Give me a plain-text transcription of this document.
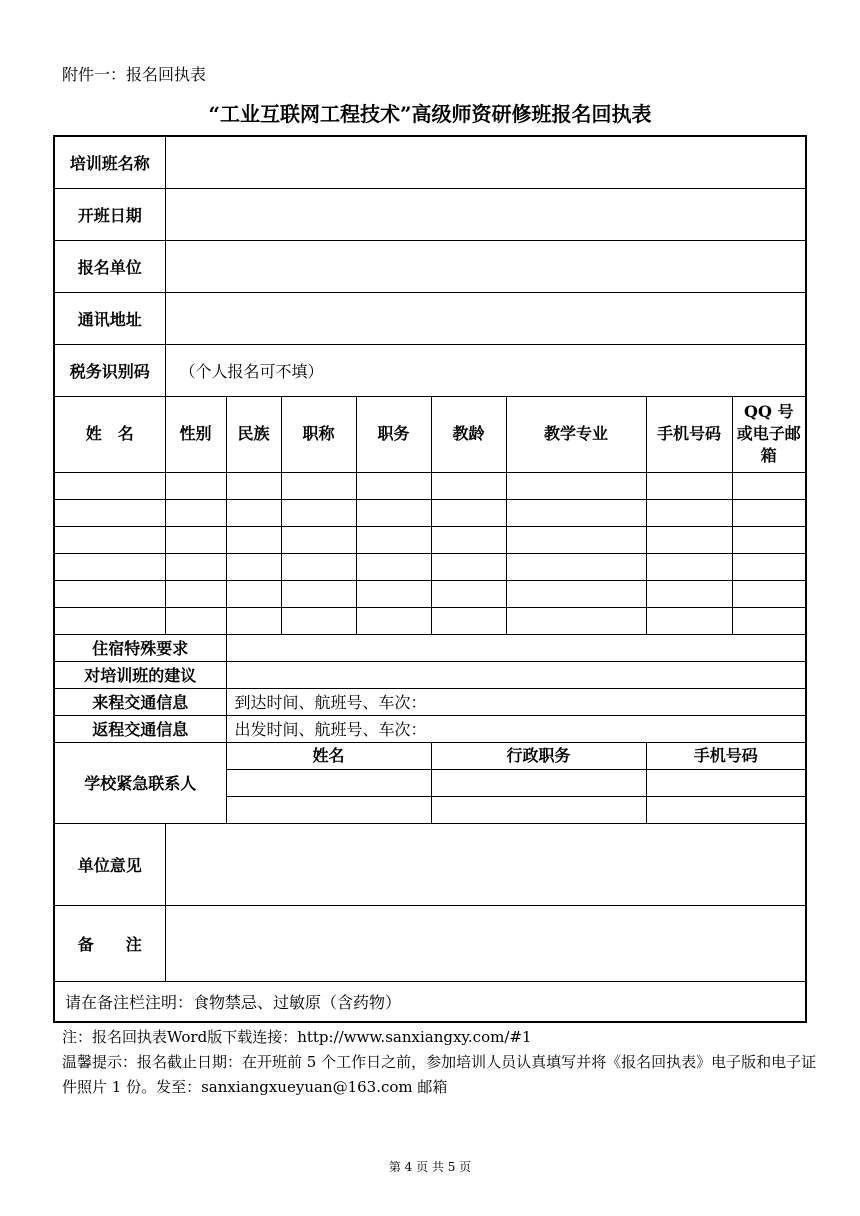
附件一：报名回执表
“工业互联网工程技术”高级师资研修班报名回执表
培训班名称								
开班日期								
报名单位								
通讯地址								
税务识别码	（个人报名可不填）							
姓　名	性别	民族	职称	职务	教龄	教学专业	手机号码	QQ 号或电子邮箱

住宿特殊要求								
对培训班的建议								
来程交通信息		到达时间、航班号、车次：						
返程交通信息		出发时间、航班号、车次：						
学校紧急联系人		姓名			行政职务		手机号码	

单位意见								
备　　注								
请在备注栏注明：食物禁忌、过敏原（含药物）								
注：报名回执表Word版下载连接：http://www.sanxiangxy.com/#1
温馨提示：报名截止日期：在开班前 5 个工作日之前，参加培训人员认真填写并将《报名回执表》电子版和电子证件照片 1 份。发至：sanxiangxueyuan@163.com 邮箱
第 4 页 共 5 页
